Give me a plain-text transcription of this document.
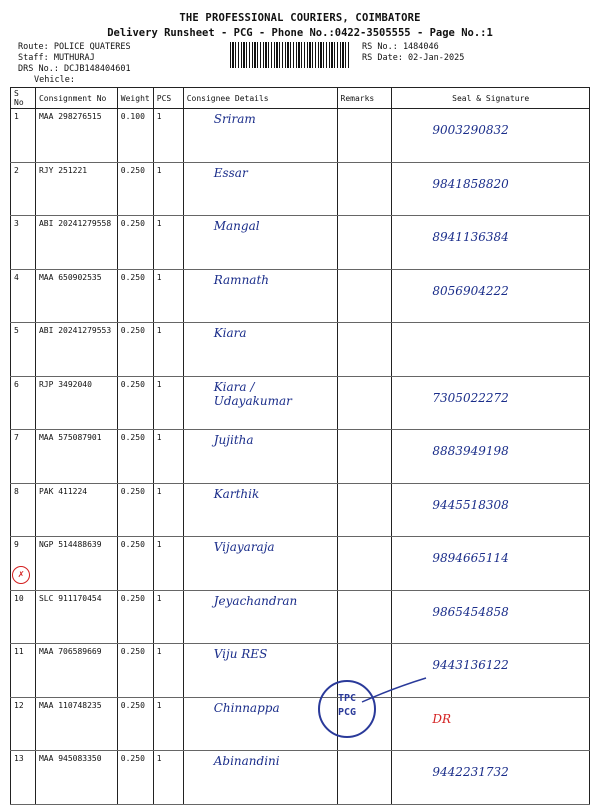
THE PROFESSIONAL COURIERS, COIMBATORE
Delivery Runsheet - PCG - Phone No.:0422-3505555 - Page No.:1
Route: POLICE QUATERES
Staff: MUTHURAJ
DRS No.: DCJB148404601
Vehicle:
RS No.: 1484046
RS Date: 02-Jan-2025
S No	Consignment No	Weight	PCS	Consignee Details	Remarks	Seal & Signature
1	MAA 298276515	0.100	1	Sriram		9003290832
2	RJY 251221	0.250	1	Essar		9841858820
3	ABI 20241279558	0.250	1	Mangal		8941136384
4	MAA 650902535	0.250	1	Ramnath		8056904222
5	ABI 20241279553	0.250	1	Kiara		
6	RJP 3492040	0.250	1	Kiara / Udayakumar		7305022272
7	MAA 575087901	0.250	1	Jujitha		8883949198
8	PAK 411224	0.250	1	Karthik		9445518308
9	NGP 514488639	0.250	1	Vijayaraja		9894665114
10	SLC 911170454	0.250	1	Jeyachandran		9865454858
11	MAA 706589669	0.250	1	Viju RES		9443136122
12	MAA 110748235	0.250	1	Chinnappa		DR
13	MAA 945083350	0.250	1	Abinandini		9442231732
✗
TPC
PCG
